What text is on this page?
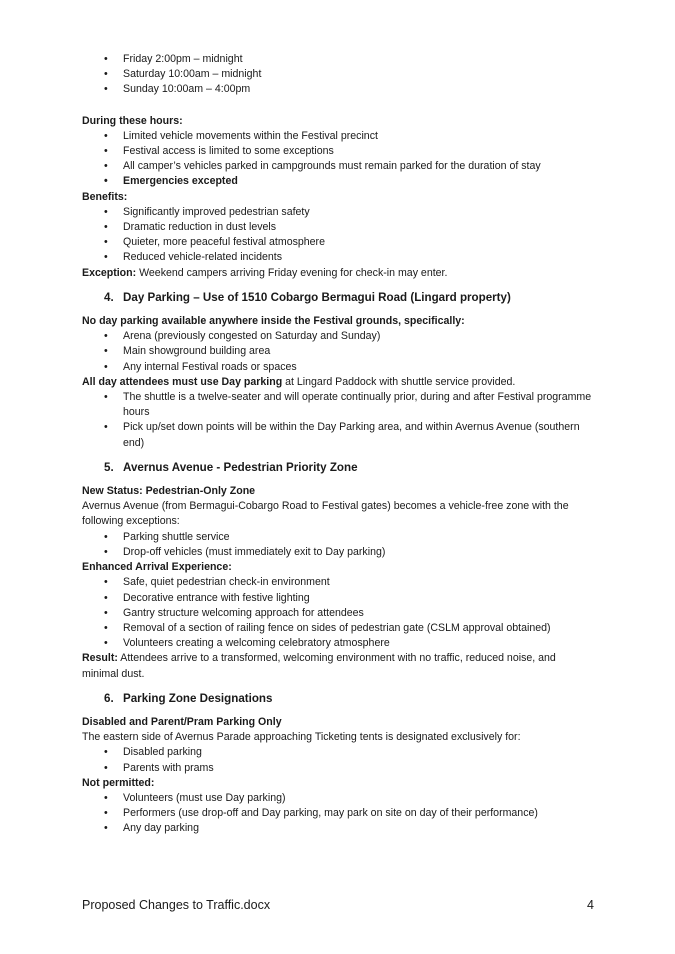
• Friday 2:00pm – midnight
• Saturday 10:00am – midnight
• Sunday 10:00am – 4:00pm

During these hours:

• Limited vehicle movements within the Festival precinct
• Festival access is limited to some exceptions
• All camper’s vehicles parked in campgrounds must remain parked for the duration of stay
• Emergencies excepted

Benefits:

• Significantly improved pedestrian safety
• Dramatic reduction in dust levels
• Quieter, more peaceful festival atmosphere
• Reduced vehicle-related incidents

Exception: Weekend campers arriving Friday evening for check-in may enter.

4. Day Parking – Use of 1510 Cobargo Bermagui Road (Lingard property)

No day parking available anywhere inside the Festival grounds, specifically:

• Arena (previously congested on Saturday and Sunday)
• Main showground building area
• Any internal Festival roads or spaces

All day attendees must use Day parking at Lingard Paddock with shuttle service provided.

• The shuttle is a twelve-seater and will operate continually prior, during and after Festival programme hours
• Pick up/set down points will be within the Day Parking area, and within Avernus Avenue (southern end)
5. Avernus Avenue - Pedestrian Priority Zone

New Status: Pedestrian-Only Zone

Avernus Avenue (from Bermagui-Cobargo Road to Festival gates) becomes a vehicle-free zone with the following exceptions:

• Parking shuttle service
• Drop-off vehicles (must immediately exit to Day parking)

Enhanced Arrival Experience:

• Safe, quiet pedestrian check-in environment
• Decorative entrance with festive lighting
• Gantry structure welcoming approach for attendees
• Removal of a section of railing fence on sides of pedestrian gate (CSLM approval obtained)
• Volunteers creating a welcoming celebratory atmosphere

Result: Attendees arrive to a transformed, welcoming environment with no traffic, reduced noise, and minimal dust.

6. Parking Zone Designations

Disabled and Parent/Pram Parking Only

The eastern side of Avernus Parade approaching Ticketing tents is designated exclusively for:

• Disabled parking
• Parents with prams

Not permitted:

• Volunteers (must use Day parking)
• Performers (use drop-off and Day parking, may park on site on day of their performance)
• Any day parking
Proposed Changes to Traffic.docx	4
